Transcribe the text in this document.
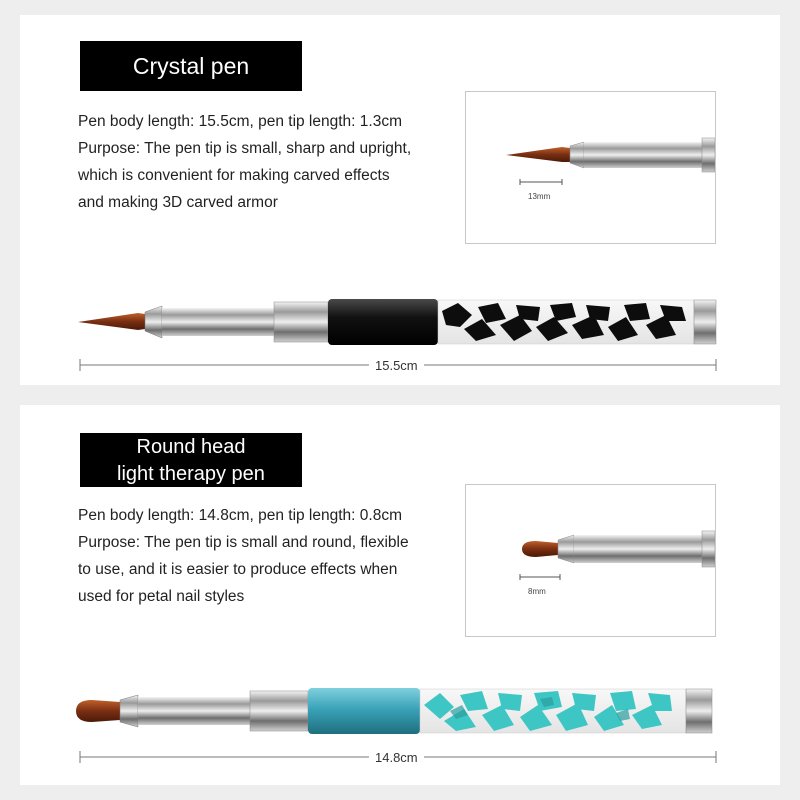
Crystal pen
Pen body length: 15.5cm, pen tip length: 1.3cm
Purpose: The pen tip is small, sharp and upright,
which is convenient for making carved effects
and making 3D carved armor	13mm
15.5cm
Round head
light therapy pen
Pen body length: 14.8cm, pen tip length: 0.8cm
Purpose: The pen tip is small and round, flexible
to use, and it is easier to produce effects when
used for petal nail styles	8mm
14.8cm
